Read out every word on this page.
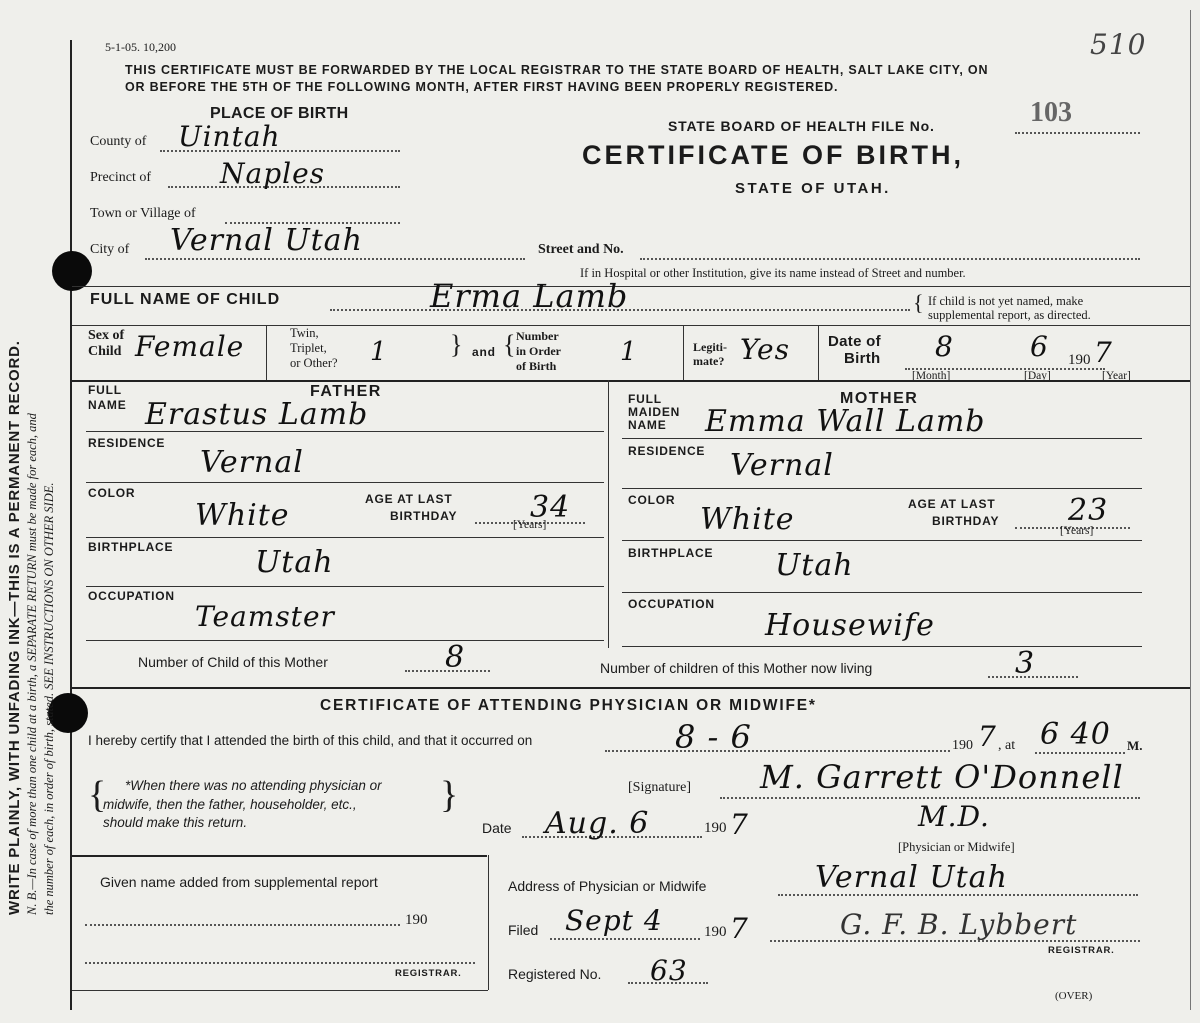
WRITE PLAINLY, WITH UNFADING INK—THIS IS A PERMANENT RECORD. N. B.—In case of more than one child at a birth, a SEPARATE RETURN must be made for each, and the number of each, in order of birth, stated. SEE INSTRUCTIONS ON OTHER SIDE.
5-1-05. 10,200	510
THIS CERTIFICATE MUST BE FORWARDED BY THE LOCAL REGISTRAR TO THE STATE BOARD OF HEALTH, SALT LAKE CITY, ON
OR BEFORE THE 5TH OF THE FOLLOWING MONTH, AFTER FIRST HAVING BEEN PROPERLY REGISTERED.
PLACE OF BIRTH
County of Uintah
Precinct of Naples
Town or Village of
City of Vernal Utah	Street and No.
If in Hospital or other Institution, give its name instead of Street and number.
STATE BOARD OF HEALTH FILE No.	103
CERTIFICATE OF BIRTH,
STATE OF UTAH.
FULL NAME OF CHILD	Erma Lamb	{ If child is not yet named, make
supplemental report, as directed.
Sex of
Child Female	Twin,
Triplet,
or Other? 1 } and { Number
in Order
of Birth 1	Legiti-
mate? Yes	Date of
Birth 8	6 190 7
[Month]	[Day]	[Year]
FATHER
FULL
NAME Erastus Lamb
RESIDENCE
Vernal
COLOR
White	AGE AT LAST
BIRTHDAY 34
[Years]
BIRTHPLACE	Utah
OCCUPATION
Teamster
MOTHER
FULL
MAIDEN
NAME Emma Wall Lamb
RESIDENCE Vernal
COLOR
White	AGE AT LAST
BIRTHDAY 23
[Years]
BIRTHPLACE Utah
OCCUPATION
Housewife
Number of Child of this Mother	8	Number of children of this Mother now living	3
CERTIFICATE OF ATTENDING PHYSICIAN OR MIDWIFE*
I hereby certify that I attended the birth of this child, and that it occurred on	8 - 6	190 7 , at 6 40 M.
{ *When there was no attending physician or
midwife, then the father, householder, etc.,
should make this return.
}	[Signature] M. Garrett O'Donnell
M.D.
[Physician or Midwife]
Date Aug. 6	190 7
Given name added from supplemental report
190
REGISTRAR.
Address of Physician or Midwife	Vernal Utah
Filed Sept 4	190 7	G. F. B. Lybbert
REGISTRAR.
Registered No. 63
(OVER)
